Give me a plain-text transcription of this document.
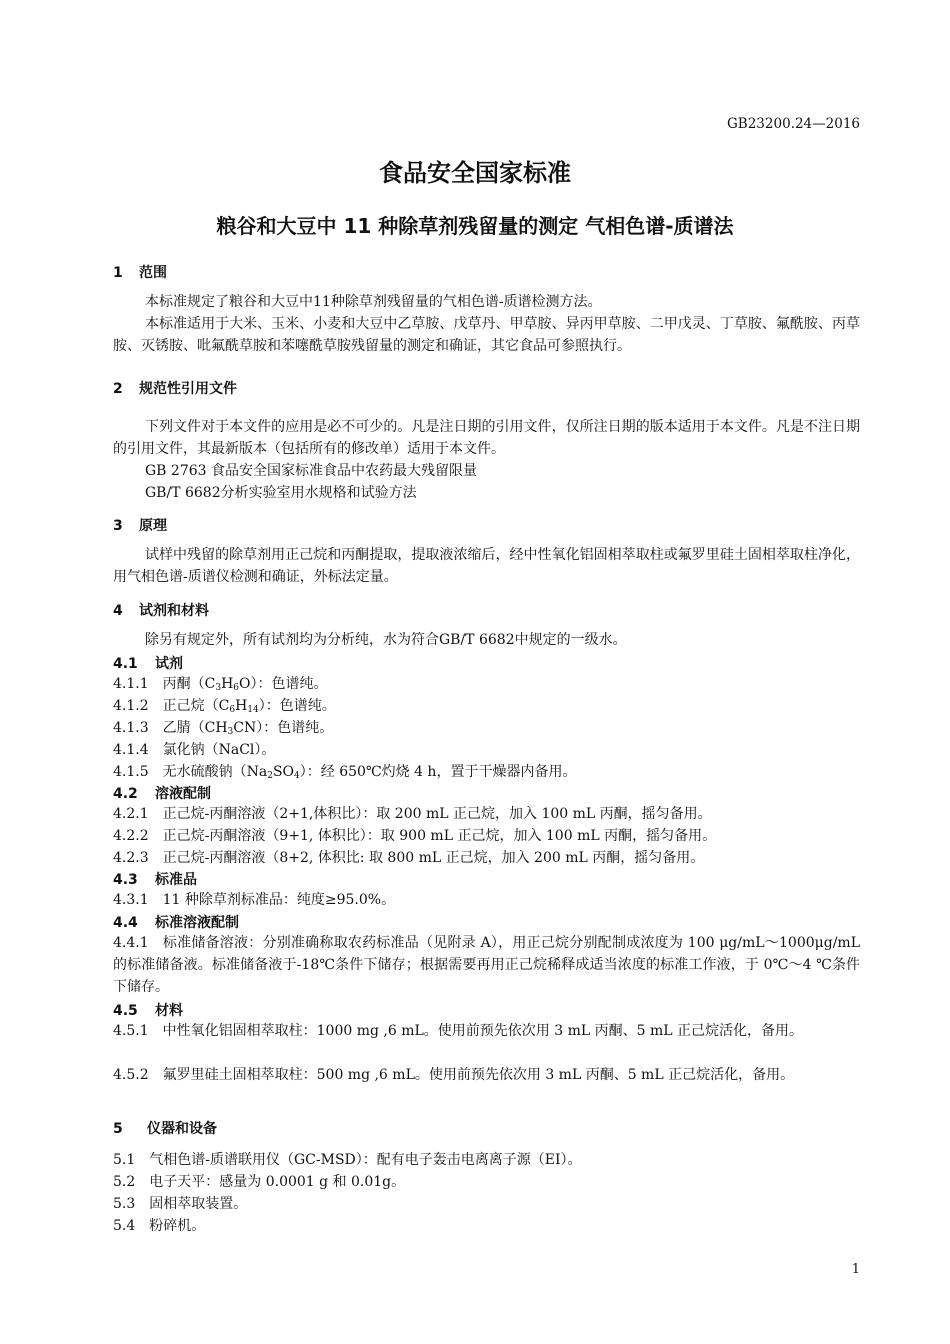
GB23200.24—2016
食品安全国家标准
粮谷和大豆中 11 种除草剂残留量的测定 气相色谱-质谱法
1 范围
本标准规定了粮谷和大豆中11种除草剂残留量的气相色谱-质谱检测方法。
本标准适用于大米、玉米、小麦和大豆中乙草胺、戊草丹、甲草胺、异丙甲草胺、二甲戊灵、丁草胺、氟酰胺、丙草胺、灭锈胺、吡氟酰草胺和苯噻酰草胺残留量的测定和确证，其它食品可参照执行。
2 规范性引用文件
下列文件对于本文件的应用是必不可少的。凡是注日期的引用文件，仅所注日期的版本适用于本文件。凡是不注日期的引用文件，其最新版本（包括所有的修改单）适用于本文件。
GB 2763 食品安全国家标准食品中农药最大残留限量
GB/T 6682分析实验室用水规格和试验方法
3 原理
试样中残留的除草剂用正己烷和丙酮提取，提取液浓缩后，经中性氧化铝固相萃取柱或氟罗里硅土固相萃取柱净化，用气相色谱-质谱仪检测和确证，外标法定量。
4 试剂和材料
除另有规定外，所有试剂均为分析纯，水为符合GB/T 6682中规定的一级水。
4.1 试剂
4.1.1 丙酮$(C_3H_6O)$：色谱纯。
4.1.2 正己烷$(C_6H_{14})$：色谱纯。
4.1.3 乙腈$(CH_3CN)$：色谱纯。
4.1.4 氯化钠（NaCl）。
4.1.5 无水硫酸钠$(Na_2SO_4)$：经 650℃灼烧 4 h，置于干燥器内备用。
4.2 溶液配制
4.2.1 正己烷-丙酮溶液（2+1,体积比）：取 200 mL 正己烷，加入 100 mL 丙酮，摇匀备用。
4.2.2 正己烷-丙酮溶液（9+1, 体积比）：取 900 mL 正己烷，加入 100 mL 丙酮，摇匀备用。
4.2.3 正己烷-丙酮溶液（8+2, 体积比: 取 800 mL 正己烷，加入 200 mL 丙酮，摇匀备用。
4.3 标准品
4.3.1 11 种除草剂标准品：纯度≥95.0%。
4.4 标准溶液配制
4.4.1 标准储备溶液：分别准确称取农药标准品（见附录 A），用正己烷分别配制成浓度为 100 μg/mL～1000μg/mL 的标准储备液。标准储备液于-18℃条件下储存；根据需要再用正己烷稀释成适当浓度的标准工作液，于 0℃～4 ℃条件下储存。
4.5 材料
4.5.1 中性氧化铝固相萃取柱：1000 mg ,6 mL。使用前预先依次用 3 mL 丙酮、5 mL 正己烷活化，备用。
4.5.2 氟罗里硅土固相萃取柱：500 mg ,6 mL。使用前预先依次用 3 mL 丙酮、5 mL 正己烷活化，备用。
5 仪器和设备
5.1 气相色谱-质谱联用仪（GC-MSD）：配有电子轰击电离离子源（EI）。
5.2 电子天平：感量为 0.0001 g 和 0.01g。
5.3 固相萃取装置。
5.4 粉碎机。
1
